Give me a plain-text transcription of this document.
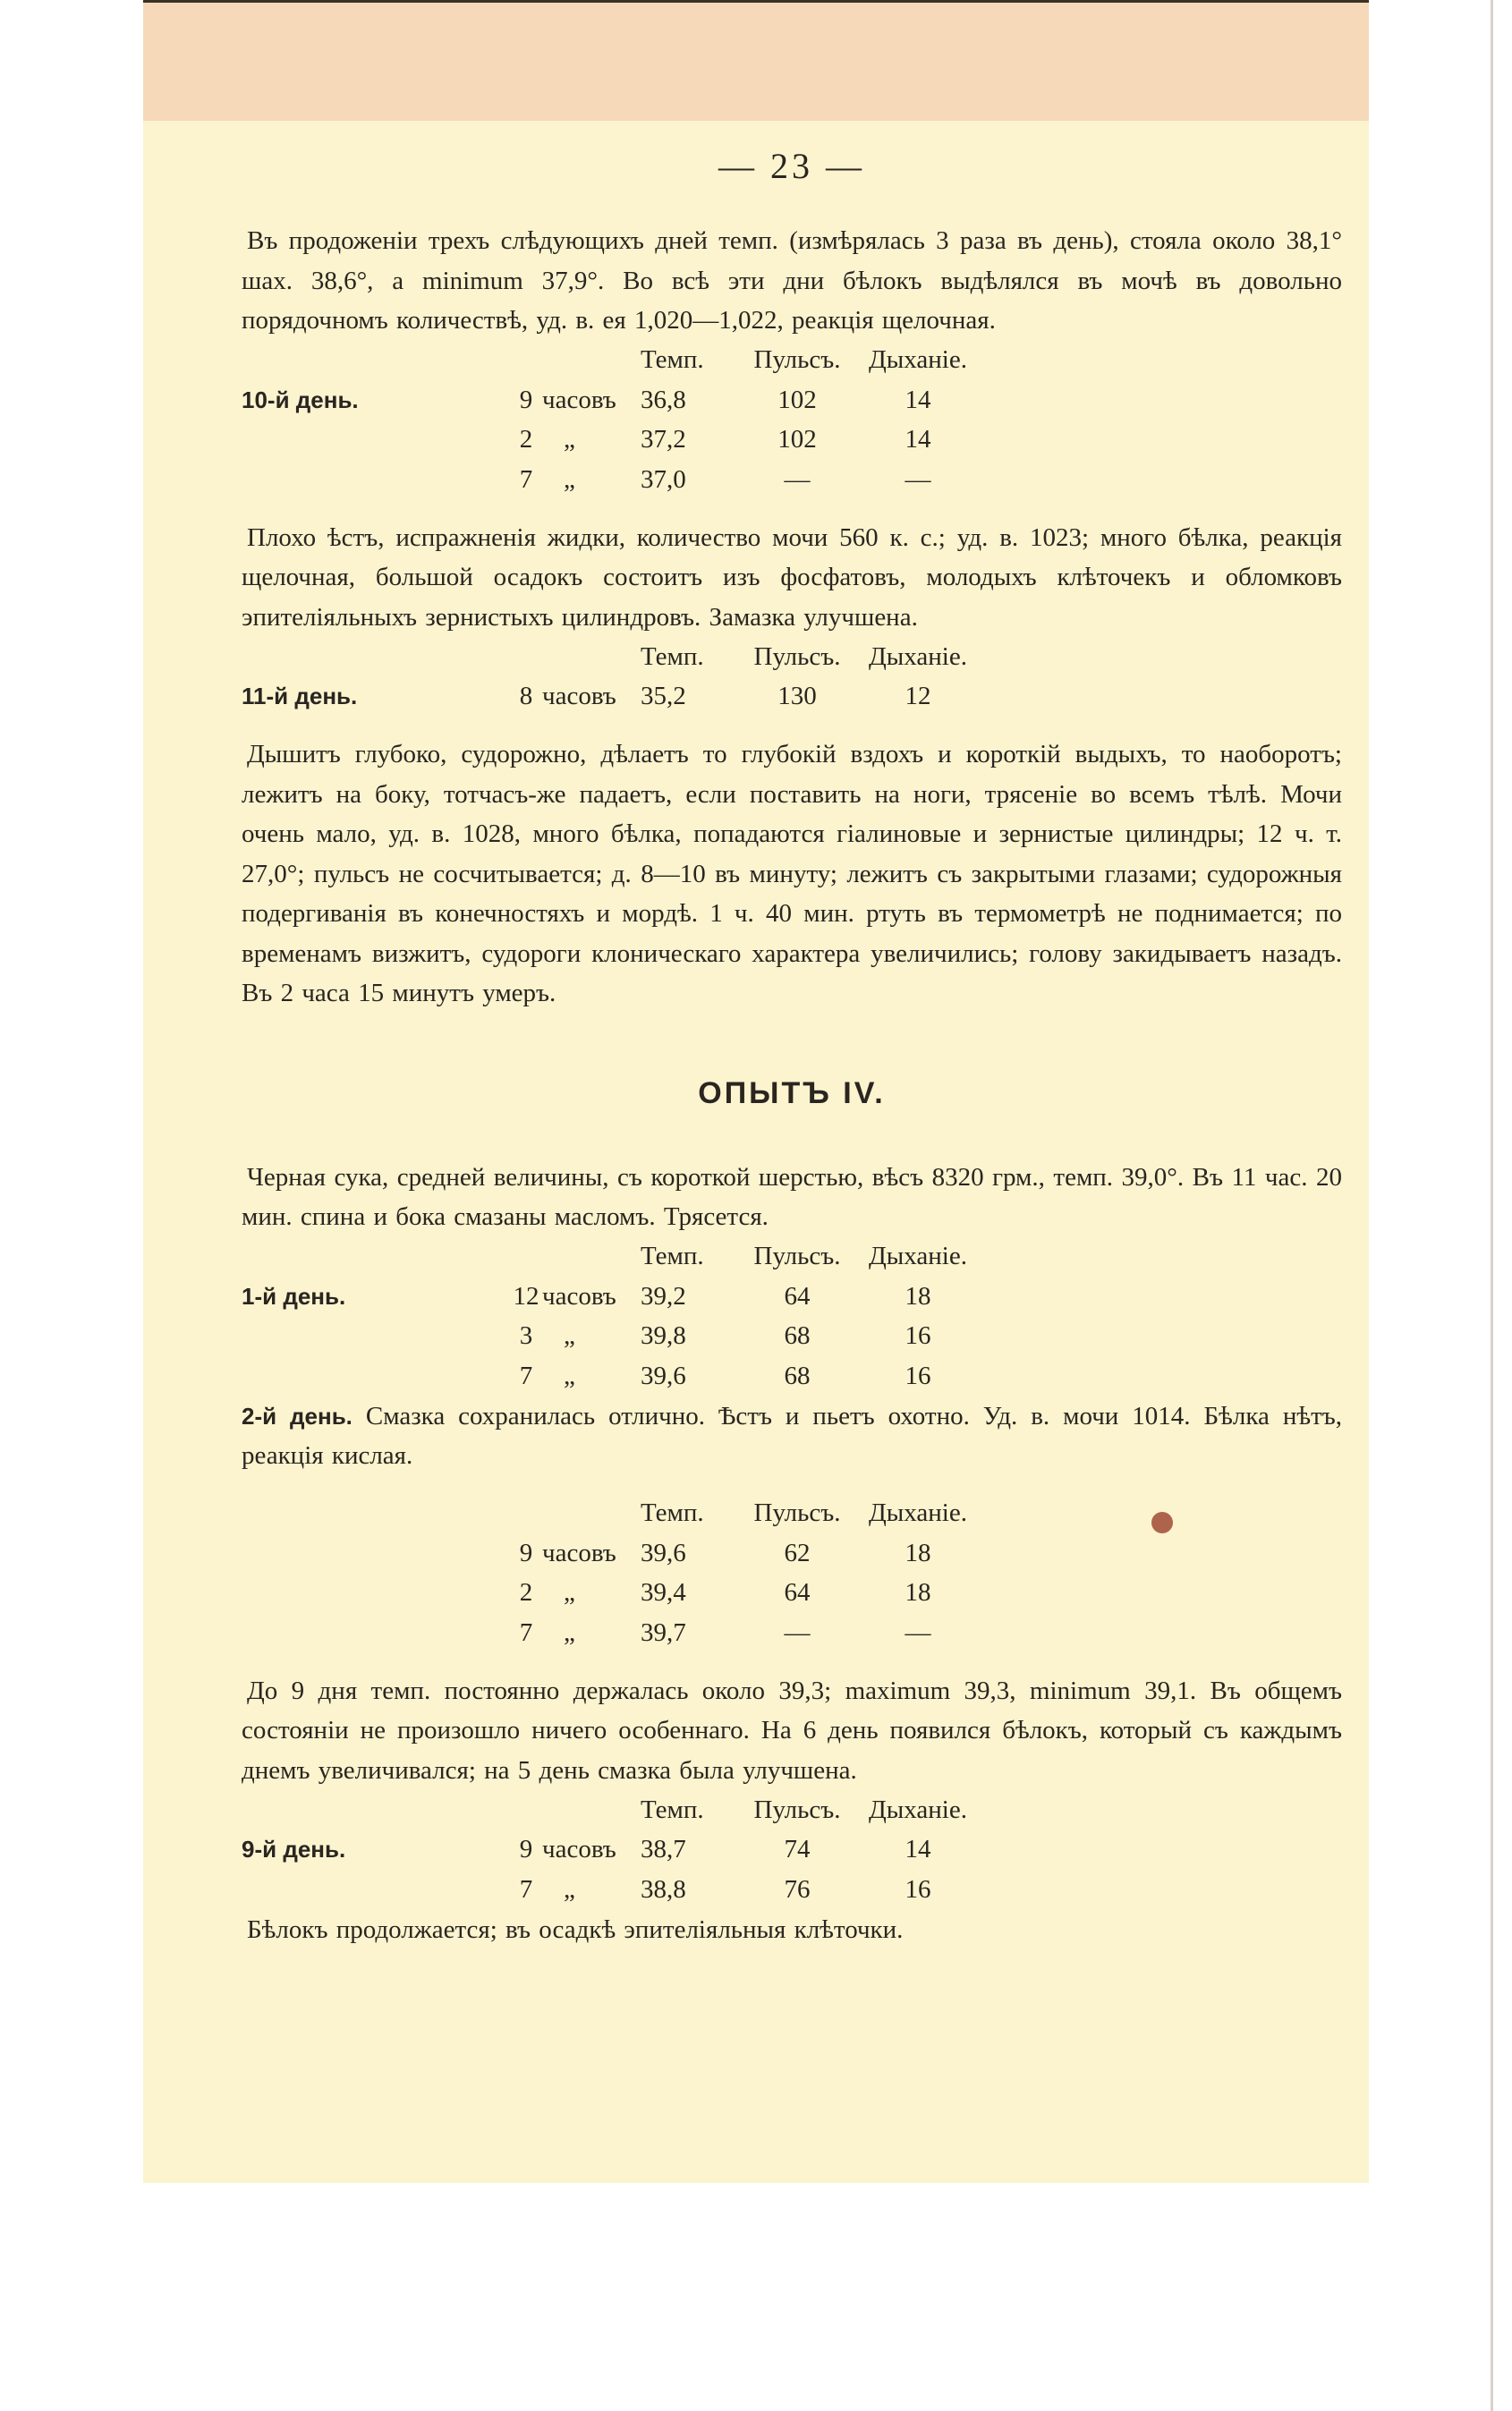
— 23 —

Въ продоженіи трехъ слѣдующихъ дней темп. (измѣрялась 3 раза въ день), стояла около 38,1° шах. 38,6°, а minimum 37,9°. Во всѣ эти дни бѣлокъ выдѣлялся въ мочѣ въ довольно порядочномъ количествѣ, уд. в. ея 1,020—1,022, реакція щелочная.

			Темп.	Пульсъ.	Дыханіе.
10-й день.	9	часовъ	36,8	102	14
	2	„	37,2	102	14
	7	„	37,0	—	—

Плохо ѣстъ, испражненія жидки, количество мочи 560 к. с.; уд. в. 1023; много бѣлка, реакція щелочная, большой осадокъ состоитъ изъ фосфатовъ, молодыхъ клѣточекъ и обломковъ эпителіяльныхъ зернистыхъ цилиндровъ. Замазка улучшена.

			Темп.	Пульсъ.	Дыханіе.
11-й день.	8	часовъ	35,2	130	12

Дышитъ глубоко, судорожно, дѣлаетъ то глубокій вздохъ и короткій выдыхъ, то наоборотъ; лежитъ на боку, тотчасъ-же падаетъ, если поставить на ноги, трясеніе во всемъ тѣлѣ. Мочи очень мало, уд. в. 1028, много бѣлка, попадаются гіалиновые и зернистые цилиндры; 12 ч. т. 27,0°; пульсъ не сосчитывается; д. 8—10 въ минуту; лежитъ съ закрытыми глазами; судорожныя подергиванія въ конечностяхъ и мордѣ. 1 ч. 40 мин. ртуть въ термометрѣ не поднимается; по временамъ визжитъ, судороги клоническаго характера увеличились; голову закидываетъ назадъ. Въ 2 часа 15 минутъ умеръ.

ОПЫТЪ IV.

Черная сука, средней величины, съ короткой шерстью, вѣсъ 8320 грм., темп. 39,0°. Въ 11 час. 20 мин. спина и бока смазаны масломъ. Трясется.

			Темп.	Пульсъ.	Дыханіе.
1-й день.	12	часовъ	39,2	64	18
	3	„	39,8	68	16
	7	„	39,6	68	16

2-й день. Смазка сохранилась отлично. Ѣстъ и пьетъ охотно. Уд. в. мочи 1014. Бѣлка нѣтъ, реакція кислая.

			Темп.	Пульсъ.	Дыханіе.
	9	часовъ	39,6	62	18
	2	„	39,4	64	18
	7	„	39,7	—	—

До 9 дня темп. постоянно держалась около 39,3; maximum 39,3, minimum 39,1. Въ общемъ состояніи не произошло ничего особеннаго. На 6 день появился бѣлокъ, который съ каждымъ днемъ увеличивался; на 5 день смазка была улучшена.

			Темп.	Пульсъ.	Дыханіе.
9-й день.	9	часовъ	38,7	74	14
	7	„	38,8	76	16

Бѣлокъ продолжается; въ осадкѣ эпителіяльныя клѣточки.
